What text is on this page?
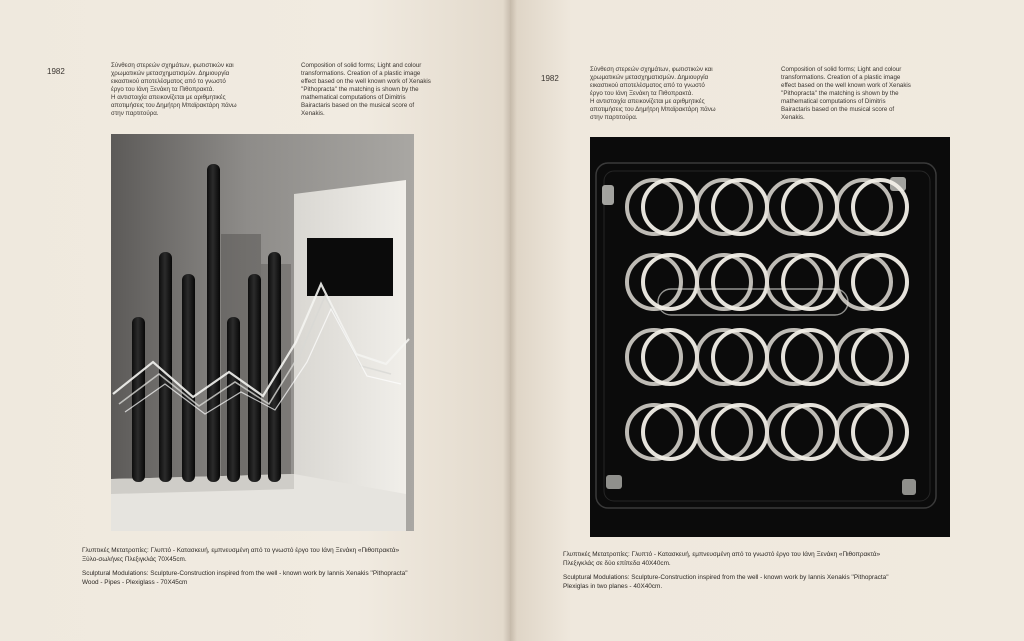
1982
Σύνθεση στερεών σχημάτων, φωτιστικών και
χρωματικών μετασχηματισμών. Δημιουργία
εικαστικού αποτελέσματος από το γνωστό
έργο του Ιάνη Ξενάκη τα Πιθοπρακτά.
Η αντιστοιχία απεικονίζεται με αριθμητικές
αποτιμήσεις του Δημήτρη Μπαϊρακτάρη πάνω
στην παρτιτούρα.
Composition of solid forms; Light and colour
transformations. Creation of a plastic image
effect based on the well known work of Xenakis
''Pithopracta'' the matching is shown by the
mathematical computations of Dimitris
Bairactaris based on the musical score of
Xenakis.
Γλυπτικές Μετατροπίες: Γλυπτό - Κατασκευή, εμπνευσμένη από το γνωστό έργο του Ιάνη Ξενάκη «Πιθοπρακτά»
Ξύλο-σωλήνες Πλεξιγκλάς 70Χ45cm.
Sculptural Modulations: Sculpture-Construction inspired from the well - known work by Iannis Xenakis ''Pithopracta''
Wood - Pipes - Plexiglass - 70X45cm
1982
Σύνθεση στερεών σχημάτων, φωτιστικών και
χρωματικών μετασχηματισμών. Δημιουργία
εικαστικού αποτελέσματος από το γνωστό
έργο του Ιάνη Ξενάκη τα Πιθοπρακτά.
Η αντιστοιχία απεικονίζεται με αριθμητικές
αποτιμήσεις του Δημήτρη Μπαϊρακτάρη πάνω
στην παρτιτούρα.
Composition of solid forms; Light and colour
transformations. Creation of a plastic image
effect based on the well known work of Xenakis
''Pithopracta'' the matching is shown by the
mathematical computations of Dimitris
Bairactaris based on the musical score of
Xenakis.
Γλυπτικές Μετατροπίες: Γλυπτό - Κατασκευή, εμπνευσμένη από το γνωστό έργο του Ιάνη Ξενάκη «Πιθοπρακτά»
Πλεξιγκλάς σε δύο επίπεδα 40Χ40cm.
Sculptural Modulations: Sculpture-Construction inspired from the well - known work by Iannis Xenakis ''Pithopracta''
Plexiglas in two planes - 40X40cm.
